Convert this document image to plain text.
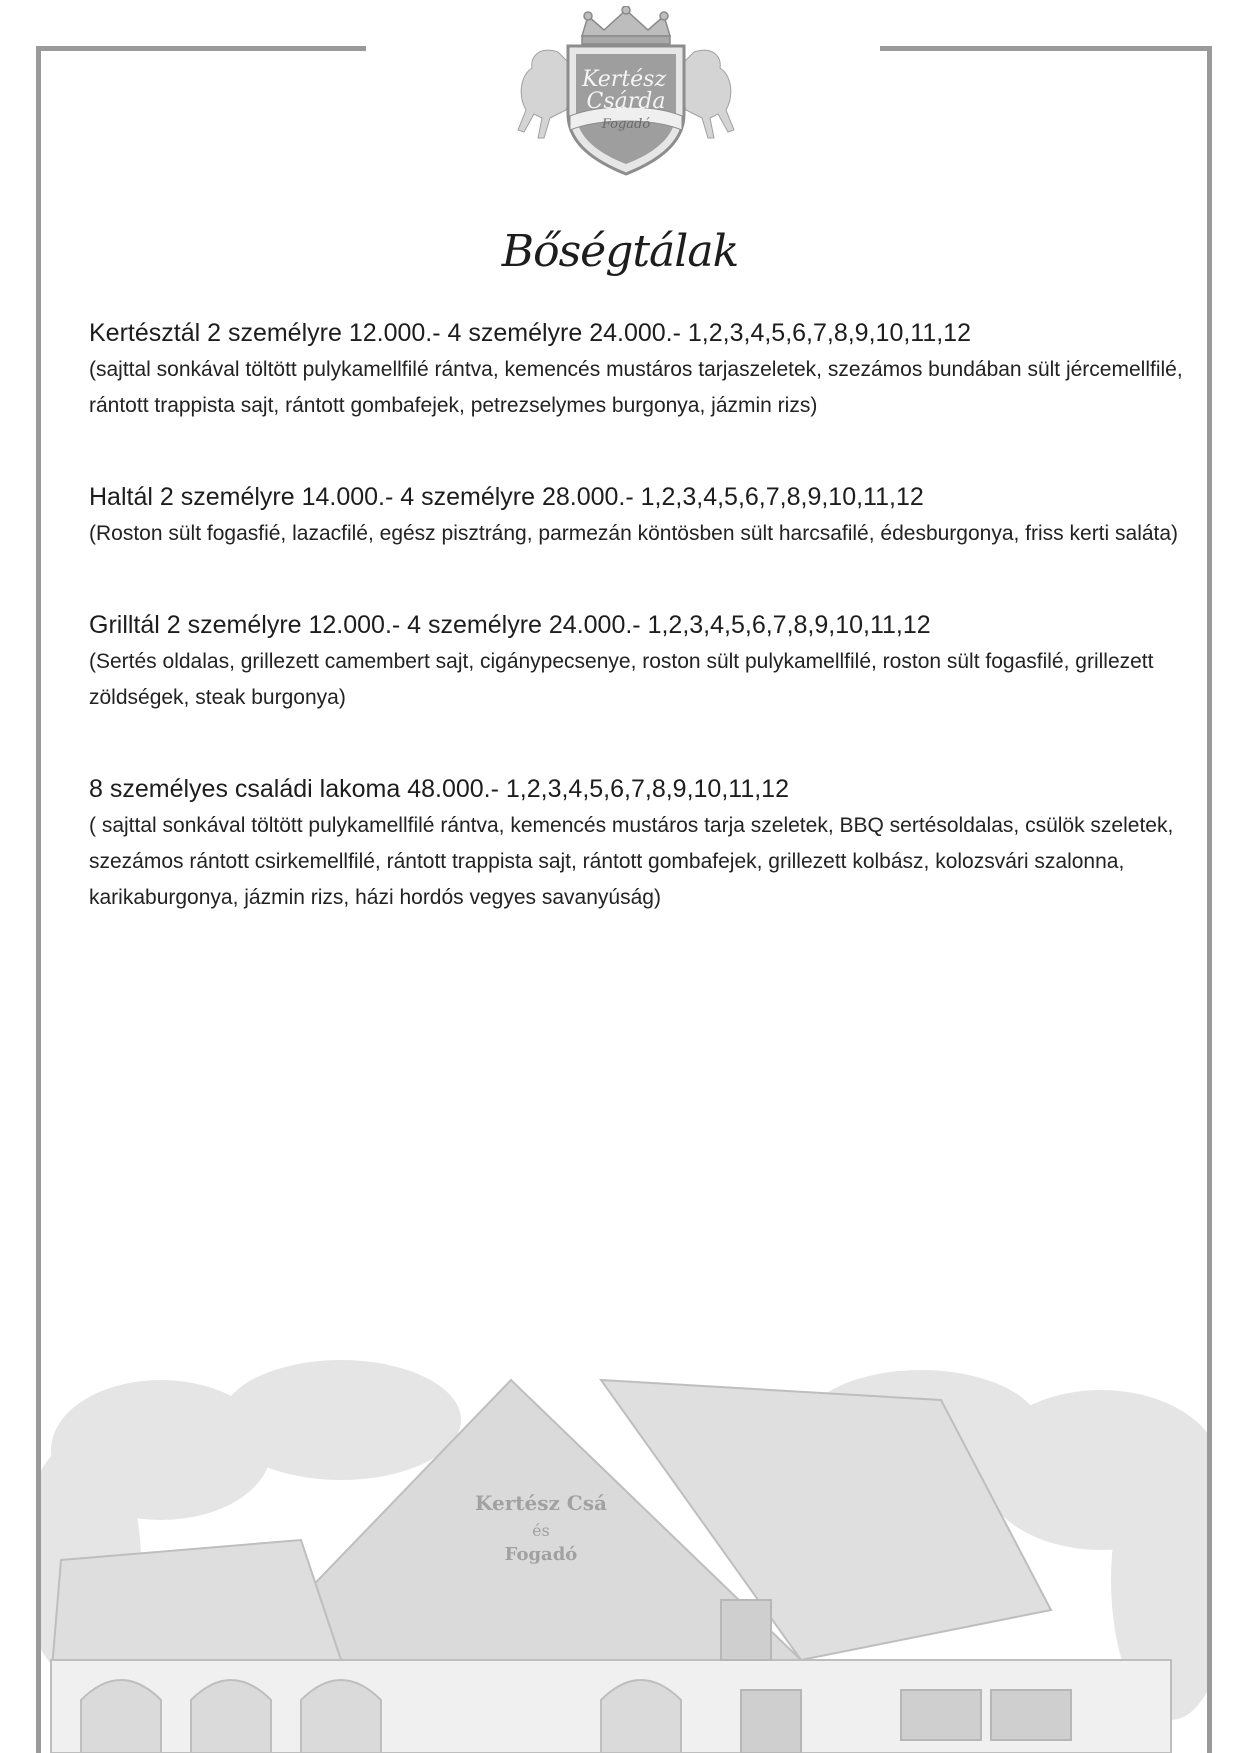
Kertész
Csárda
Fogadó
Bőségtálak
Kertésztál 2 személyre 12.000.- 4 személyre 24.000.- 1,2,3,4,5,6,7,8,9,10,11,12
(sajttal sonkával töltött pulykamellfilé rántva, kemencés mustáros tarjaszeletek, szezámos bundában sült jércemellfilé, rántott trappista sajt, rántott gombafejek, petrezselymes burgonya, jázmin rizs)
Haltál 2 személyre 14.000.- 4 személyre 28.000.- 1,2,3,4,5,6,7,8,9,10,11,12
(Roston sült fogasfié, lazacfilé, egész pisztráng, parmezán köntösben sült harcsafilé, édesburgonya, friss kerti saláta)
Grilltál 2 személyre 12.000.- 4 személyre 24.000.- 1,2,3,4,5,6,7,8,9,10,11,12
(Sertés oldalas, grillezett camembert sajt, cigánypecsenye, roston sült pulykamellfilé, roston sült fogasfilé, grillezett zöldségek, steak burgonya)
8 személyes családi lakoma 48.000.- 1,2,3,4,5,6,7,8,9,10,11,12
( sajttal sonkával töltött pulykamellfilé rántva, kemencés mustáros tarja szeletek, BBQ sertésoldalas, csülök szeletek, szezámos rántott csirkemellfilé, rántott trappista sajt, rántott gombafejek, grillezett kolbász, kolozsvári szalonna, karikaburgonya, jázmin rizs, házi hordós vegyes savanyúság)
Kertész Csá
és
Fogadó
